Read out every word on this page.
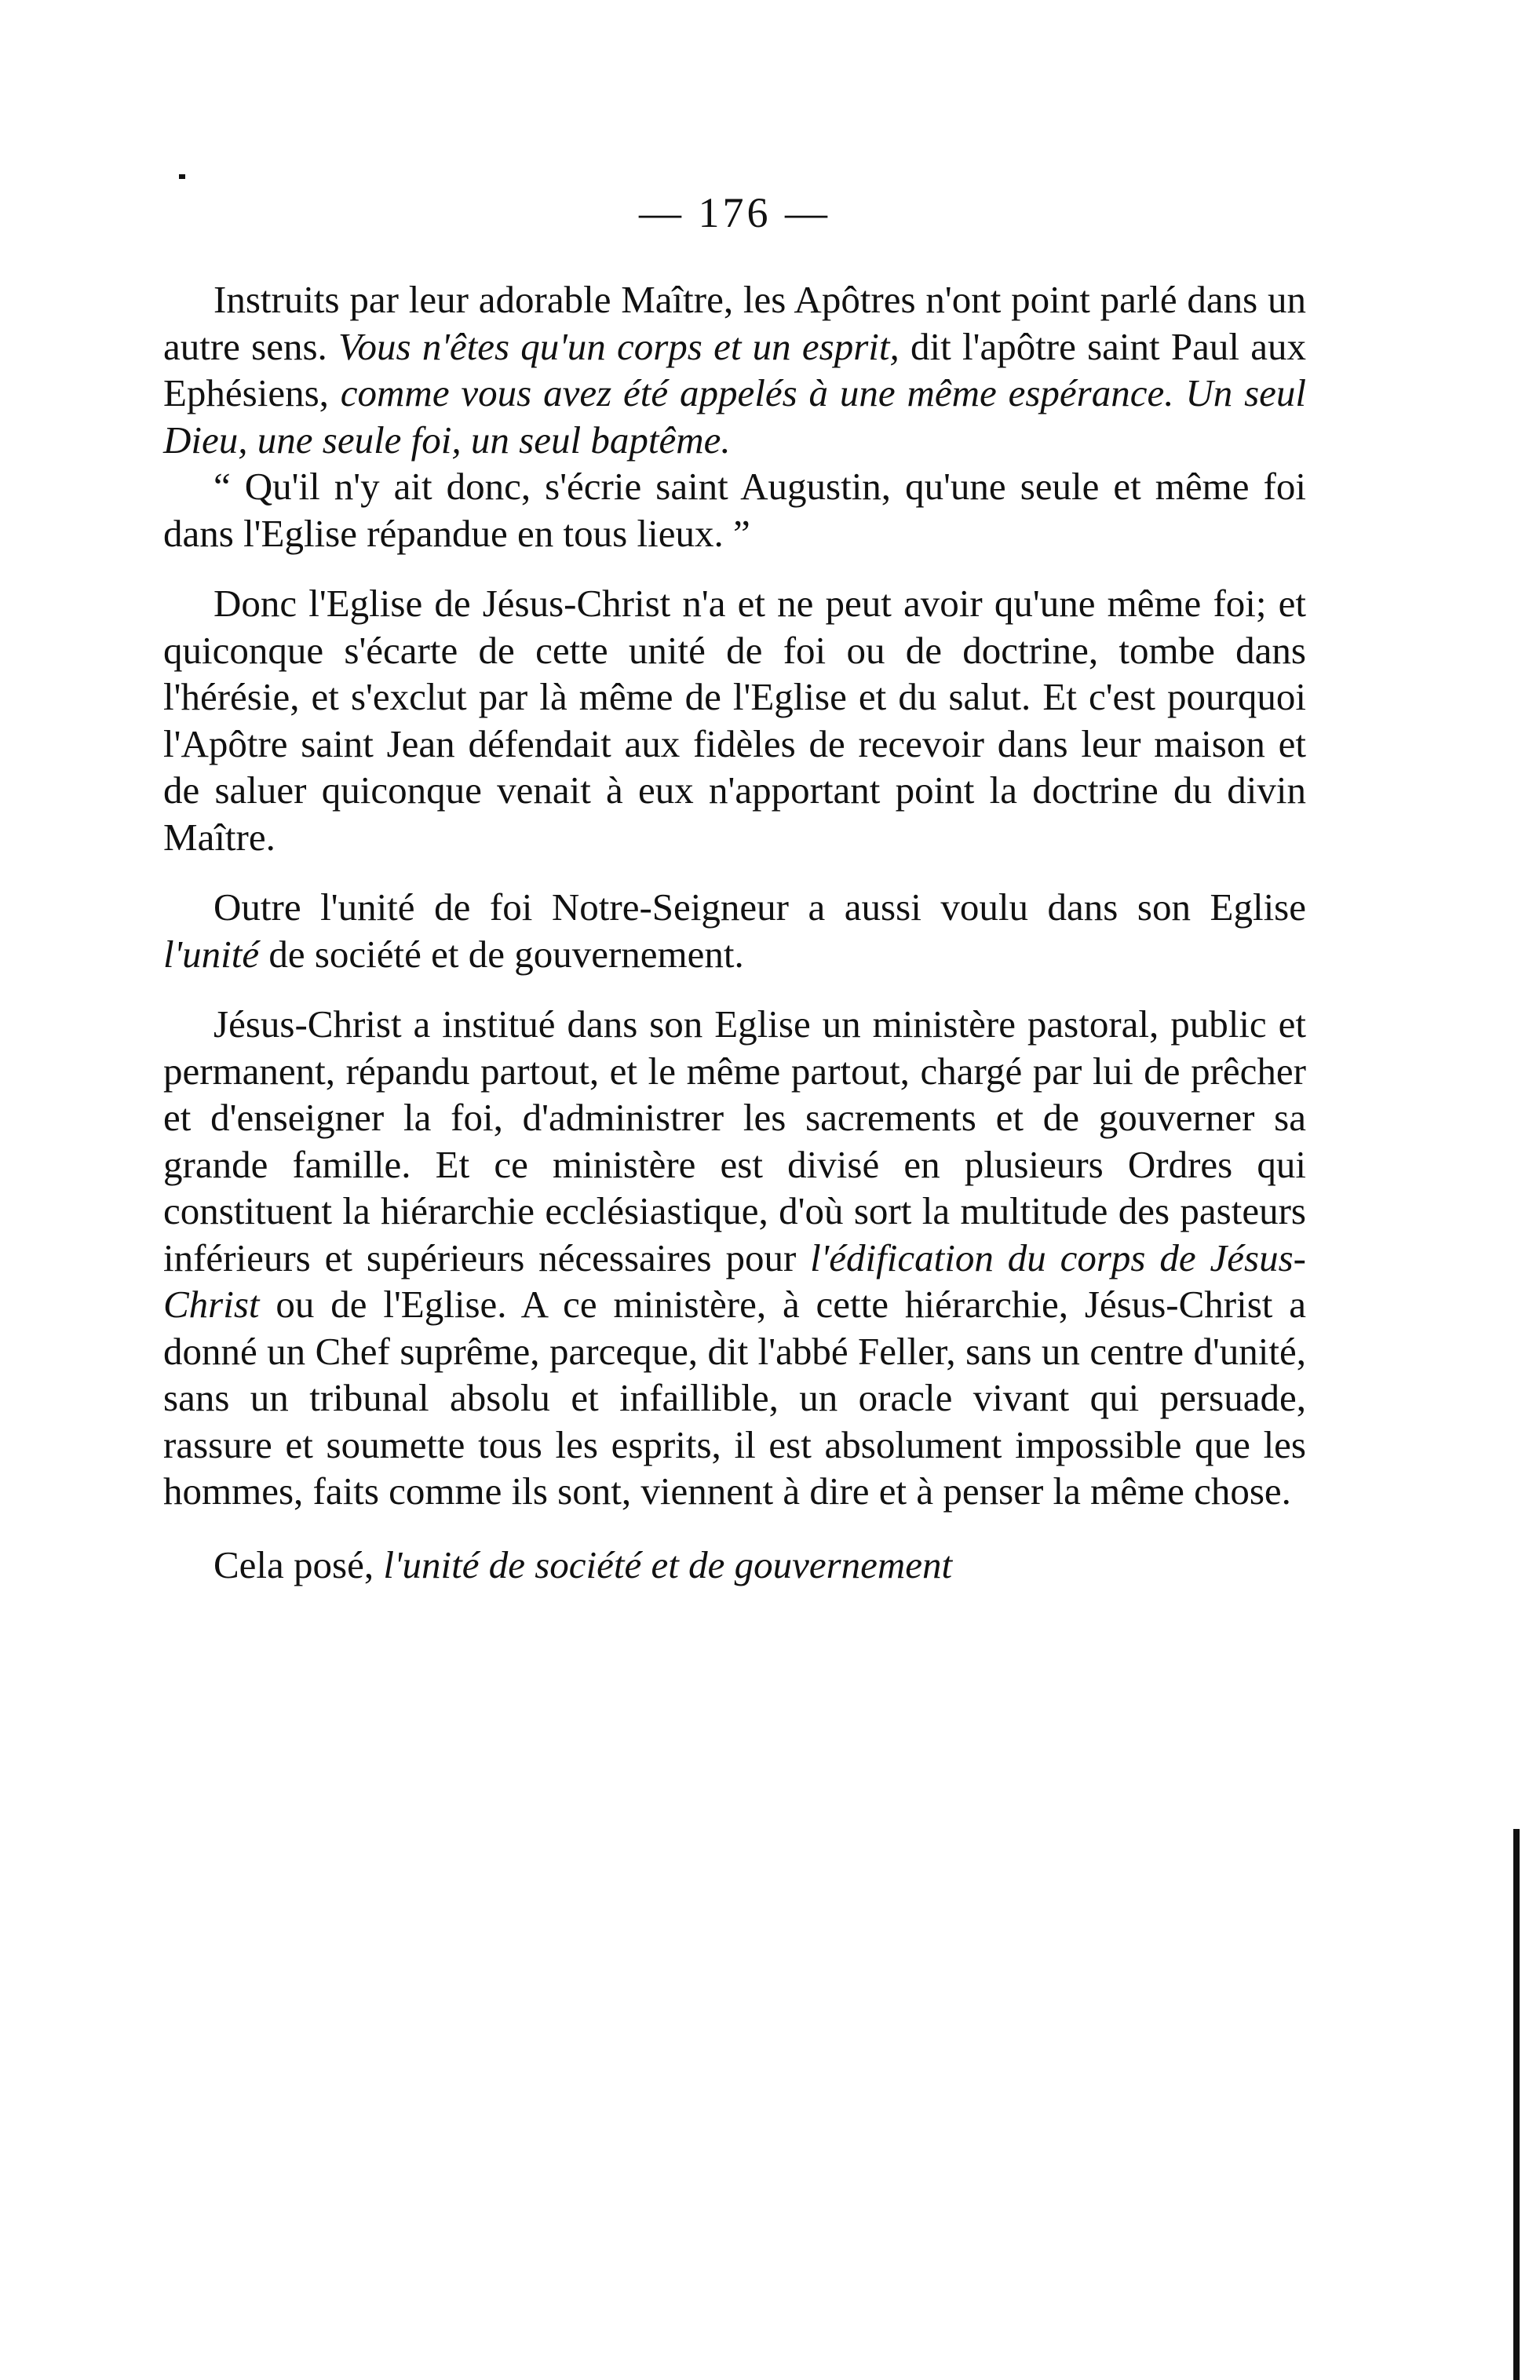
— 176 —

Instruits par leur adorable Maître, les Apôtres n'ont point parlé dans un autre sens. Vous n'êtes qu'un corps et un esprit, dit l'apôtre saint Paul aux Ephésiens, comme vous avez été appelés à une même espérance. Un seul Dieu, une seule foi, un seul baptême.

“ Qu'il n'y ait donc, s'écrie saint Augustin, qu'une seule et même foi dans l'Eglise répandue en tous lieux. ”

Donc l'Eglise de Jésus-Christ n'a et ne peut avoir qu'une même foi; et quiconque s'écarte de cette unité de foi ou de doctrine, tombe dans l'hérésie, et s'exclut par là même de l'Eglise et du salut. Et c'est pourquoi l'Apôtre saint Jean défendait aux fidèles de recevoir dans leur maison et de saluer quiconque venait à eux n'apportant point la doctrine du divin Maître.

Outre l'unité de foi Notre-Seigneur a aussi voulu dans son Eglise l'unité de société et de gouvernement.

Jésus-Christ a institué dans son Eglise un ministère pastoral, public et permanent, répandu partout, et le même partout, chargé par lui de prêcher et d'enseigner la foi, d'administrer les sacrements et de gouverner sa grande famille. Et ce ministère est divisé en plusieurs Ordres qui constituent la hiérarchie ecclésiastique, d'où sort la multitude des pasteurs inférieurs et supérieurs nécessaires pour l'édification du corps de Jésus-Christ ou de l'Eglise. A ce ministère, à cette hiérarchie, Jésus-Christ a donné un Chef suprême, parceque, dit l'abbé Feller, sans un centre d'unité, sans un tribunal absolu et infaillible, un oracle vivant qui persuade, rassure et soumette tous les esprits, il est absolument impossible que les hommes, faits comme ils sont, viennent à dire et à penser la même chose.

Cela posé, l'unité de société et de gouvernement
